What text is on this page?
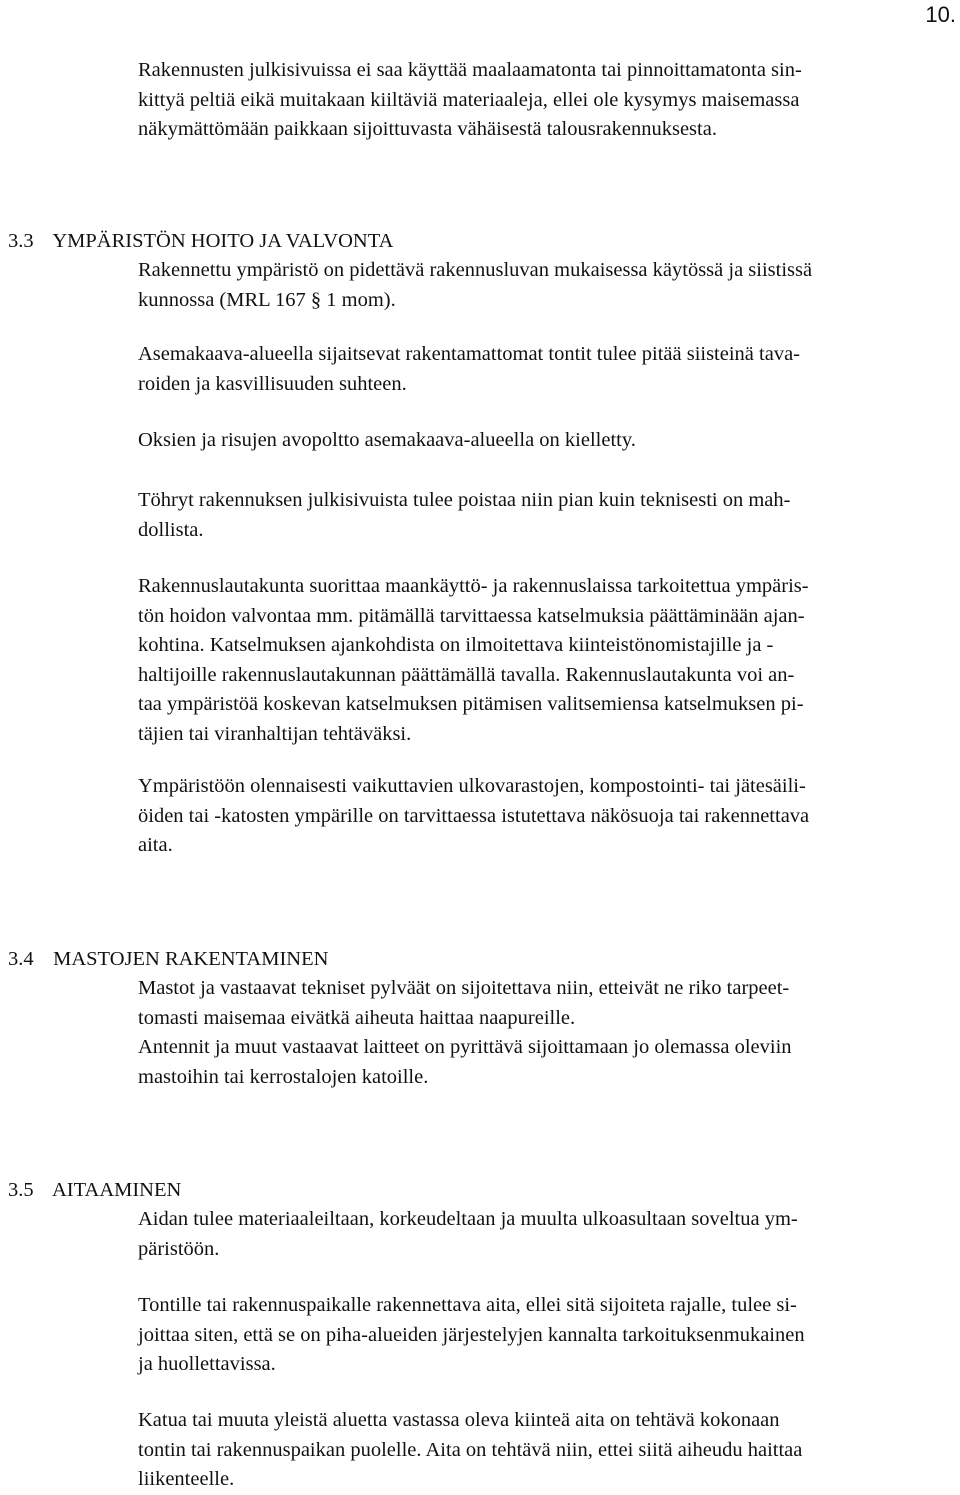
10.

Rakennusten julkisivuissa ei saa käyttää maalaamatonta tai pinnoittamatonta sin-
kittyä peltiä eikä muitakaan kiiltäviä materiaaleja, ellei ole kysymys maisemassa
näkymättömään paikkaan sijoittuvasta vähäisestä talousrakennuksesta.

3.3 YMPÄRISTÖN HOITO JA VALVONTA

Rakennettu ympäristö on pidettävä rakennusluvan mukaisessa käytössä ja siistissä
kunnossa (MRL 167 § 1 mom).

Asemakaava-alueella sijaitsevat rakentamattomat tontit tulee pitää siisteinä tava-
roiden ja kasvillisuuden suhteen.

Oksien ja risujen avopoltto asemakaava-alueella on kielletty.

Töhryt rakennuksen julkisivuista tulee poistaa niin pian kuin teknisesti on mah-
dollista.

Rakennuslautakunta suorittaa maankäyttö- ja rakennuslaissa tarkoitettua ympäris-
tön hoidon valvontaa mm. pitämällä tarvittaessa katselmuksia päättäminään ajan-
kohtina. Katselmuksen ajankohdista on ilmoitettava kiinteistönomistajille ja -
haltijoille rakennuslautakunnan päättämällä tavalla. Rakennuslautakunta voi an-
taa ympäristöä koskevan katselmuksen pitämisen valitsemiensa katselmuksen pi-
täjien tai viranhaltijan tehtäväksi.

Ympäristöön olennaisesti vaikuttavien ulkovarastojen, kompostointi- tai jätesäili-
öiden tai -katosten ympärille on tarvittaessa istutettava näkösuoja tai rakennettava
aita.

3.4 MASTOJEN RAKENTAMINEN

Mastot ja vastaavat tekniset pylväät on sijoitettava niin, etteivät ne riko tarpeet-
tomasti maisemaa eivätkä aiheuta haittaa naapureille.
Antennit ja muut vastaavat laitteet on pyrittävä sijoittamaan jo olemassa oleviin
mastoihin tai kerrostalojen katoille.

3.5 AITAAMINEN

Aidan tulee materiaaleiltaan, korkeudeltaan ja muulta ulkoasultaan soveltua ym-
päristöön.

Tontille tai rakennuspaikalle rakennettava aita, ellei sitä sijoiteta rajalle, tulee si-
joittaa siten, että se on piha-alueiden järjestelyjen kannalta tarkoituksenmukainen
ja huollettavissa.

Katua tai muuta yleistä aluetta vastassa oleva kiinteä aita on tehtävä kokonaan
tontin tai rakennuspaikan puolelle. Aita on tehtävä niin, ettei siitä aiheudu haittaa
liikenteelle.
